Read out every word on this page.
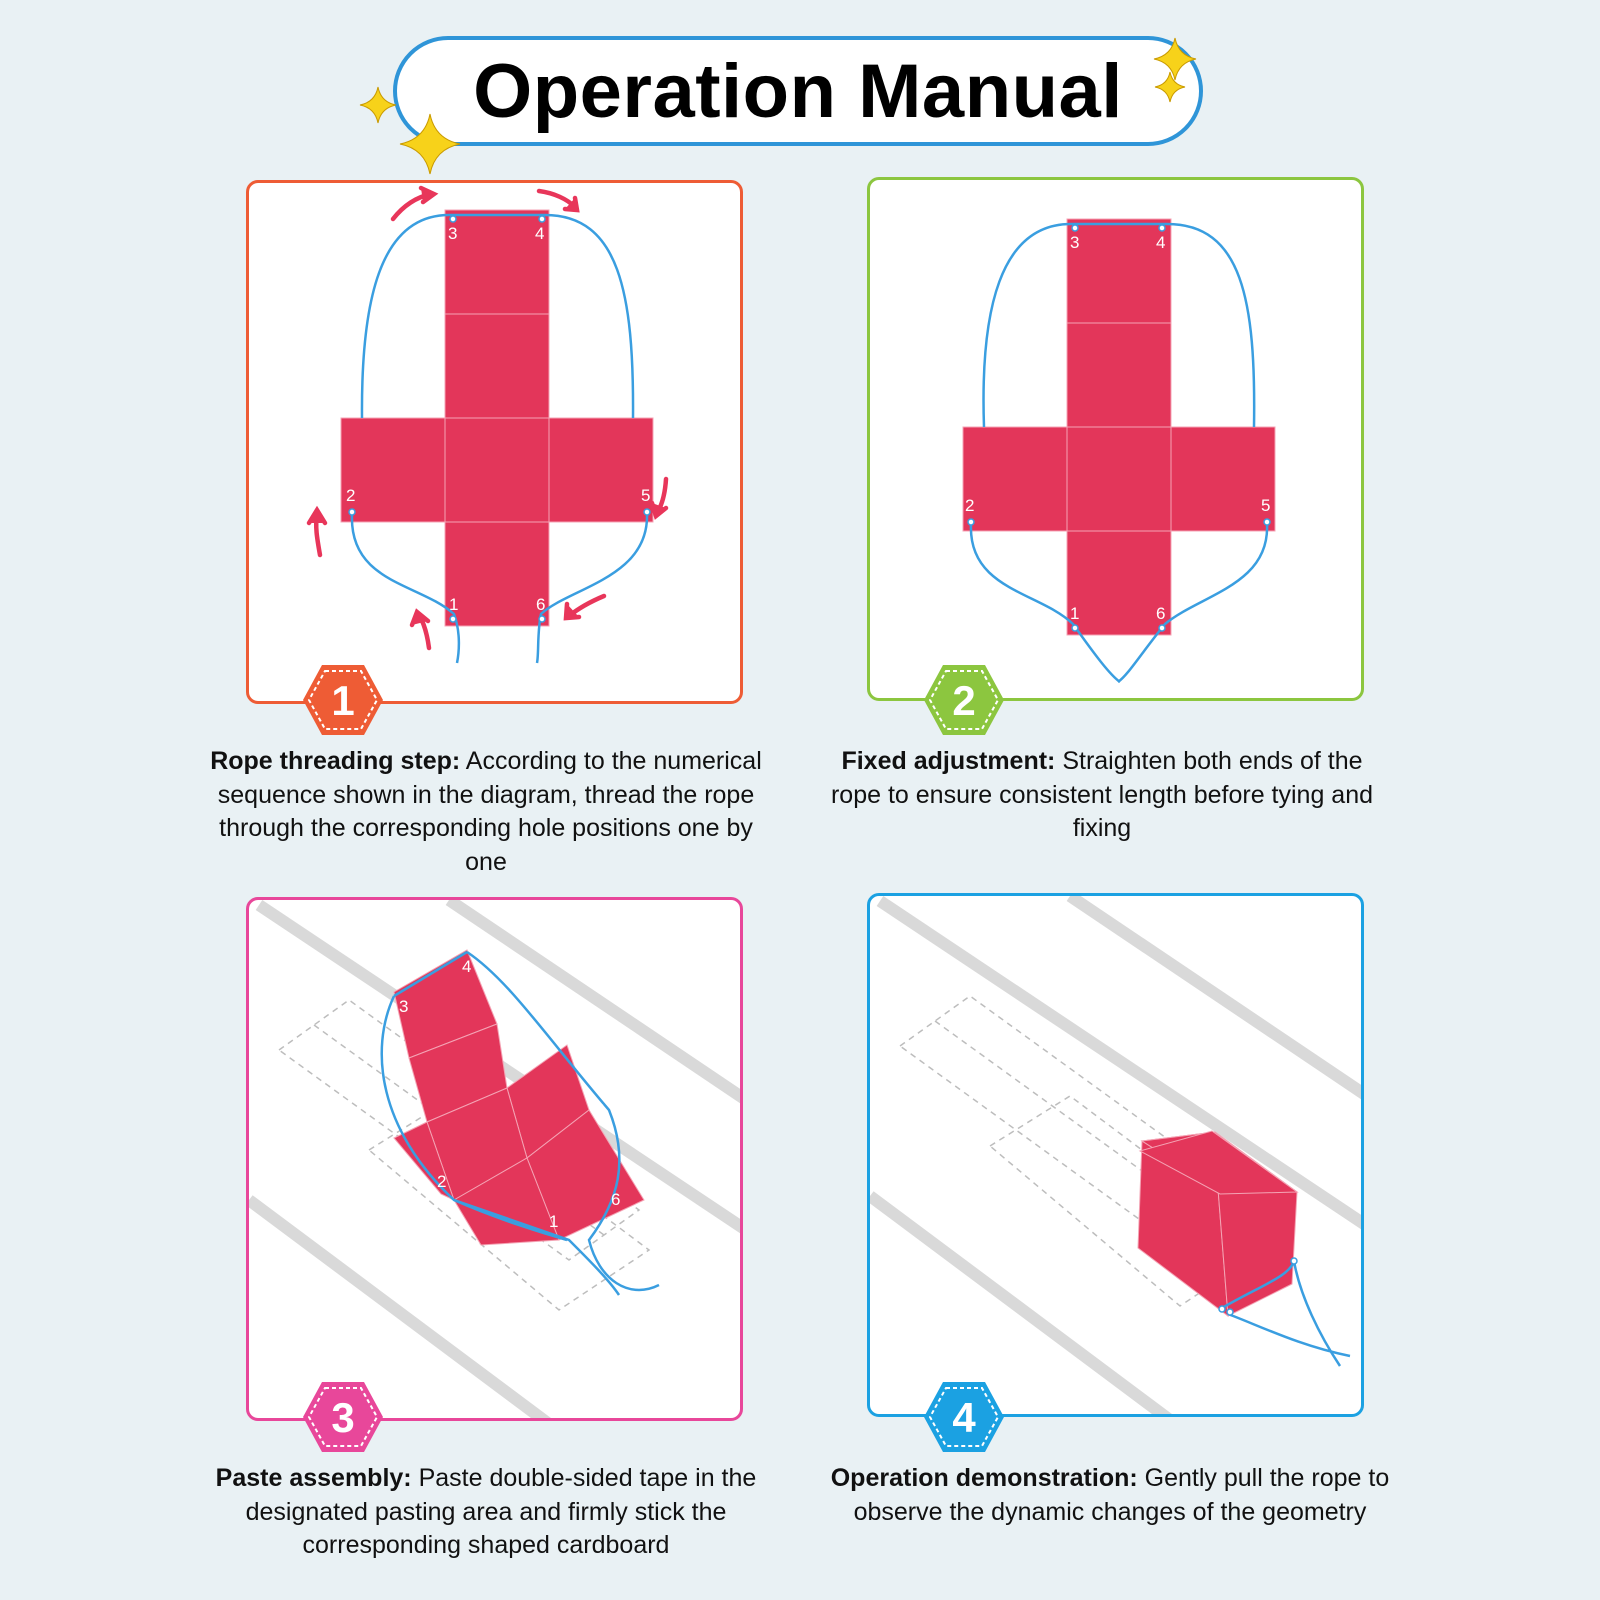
Operation Manual
3	4
2	5
1	6
1
Rope threading step: According to the numerical sequence shown in the diagram, thread the rope through the corresponding hole positions one by one
3	4
2	5
1	6
2
Fixed adjustment: Straighten both ends of the rope to ensure consistent length before tying and fixing
3
4
5
6
2
1
3
Paste assembly: Paste double-sided tape in the designated pasting area and firmly stick the corresponding shaped cardboard
4
Operation demonstration: Gently pull the rope to observe the dynamic changes of the geometry
